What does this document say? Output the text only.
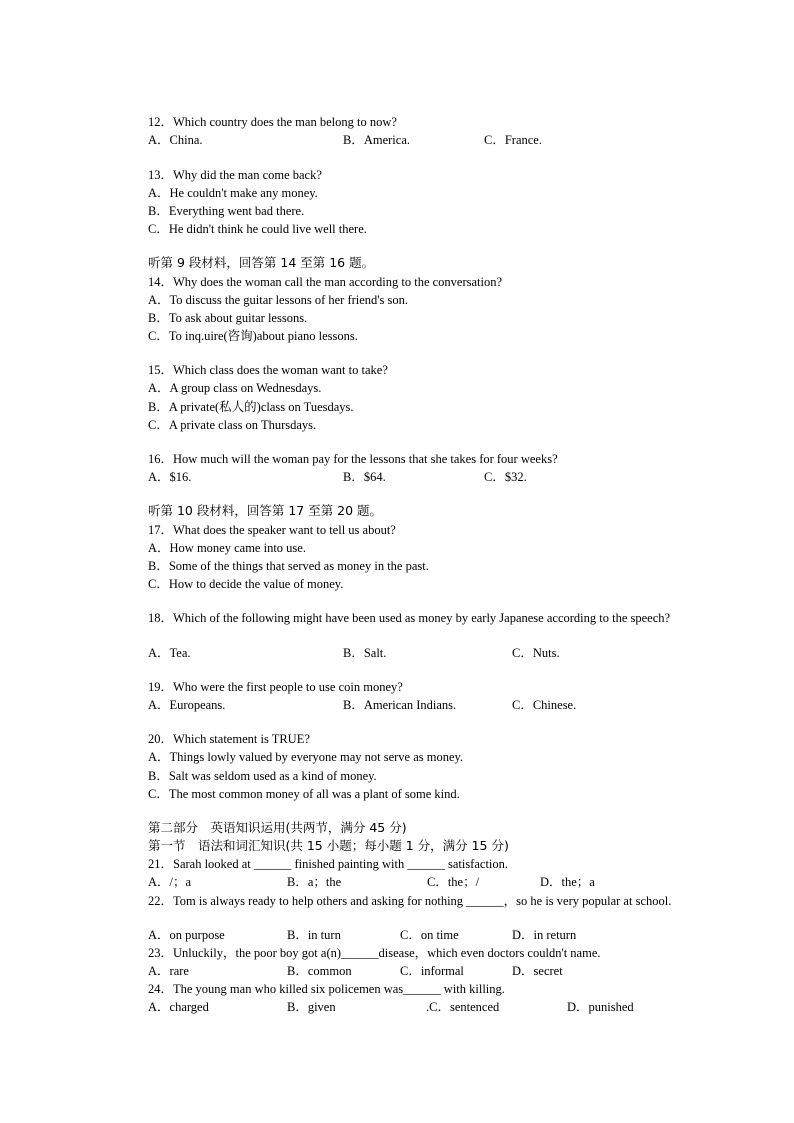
12．Which country does the man belong to now?
A．China.	B．America.	C．France.
13．Why did the man come back?
A．He couldn't make any money.
B．Everything went bad there.
C．He didn't think he could live well there.
听第 9 段材料，回答第 14 至第 16 题。
14．Why does the woman call the man according to the conversation?
A．To discuss the guitar lessons of her friend's son.
B．To ask about guitar lessons.
C．To inq.uire(咨询)about piano lessons.
15．Which class does the woman want to take?
A．A group class on Wednesdays.
B．A private(私人的)class on Tuesdays.
C．A private class on Thursdays.
16．How much will the woman pay for the lessons that she takes for four weeks?
A．$16.	B．$64.	C．$32.
听第 10 段材料，回答第 17 至第 20 题。
17．What does the speaker want to tell us about?
A．How money came into use.
B．Some of the things that served as money in the past.
C．How to decide the value of money.
18．Which of the following might have been used as money by early Japanese according to the speech?
A．Tea.	B．Salt.	C．Nuts.
19．Who were the first people to use coin money?
A．Europeans.	B．American Indians.	C．Chinese.
20．Which statement is TRUE?
A．Things lowly valued by everyone may not serve as money.
B．Salt was seldom used as a kind of money.
C．The most common money of all was a plant of some kind.
第二部分　英语知识运用(共两节，满分 45 分)
第一节　语法和词汇知识(共 15 小题；每小题 1 分，满分 15 分)
21．Sarah looked at ______ finished painting with ______ satisfaction.
A．/；a	B．a；the	C．the；/	D．the；a
22．Tom is always ready to help others and asking for nothing ______，so he is very popular at school.
A．on purpose	B．in turn	C．on time	D．in return
23．Unluckily，the poor boy got a(n)______disease，which even doctors couldn't name.
A．rare	B．common	C．informal	D．secret
24．The young man who killed six policemen was______ with killing.
A．charged	B．given	.C．sentenced	D．punished
